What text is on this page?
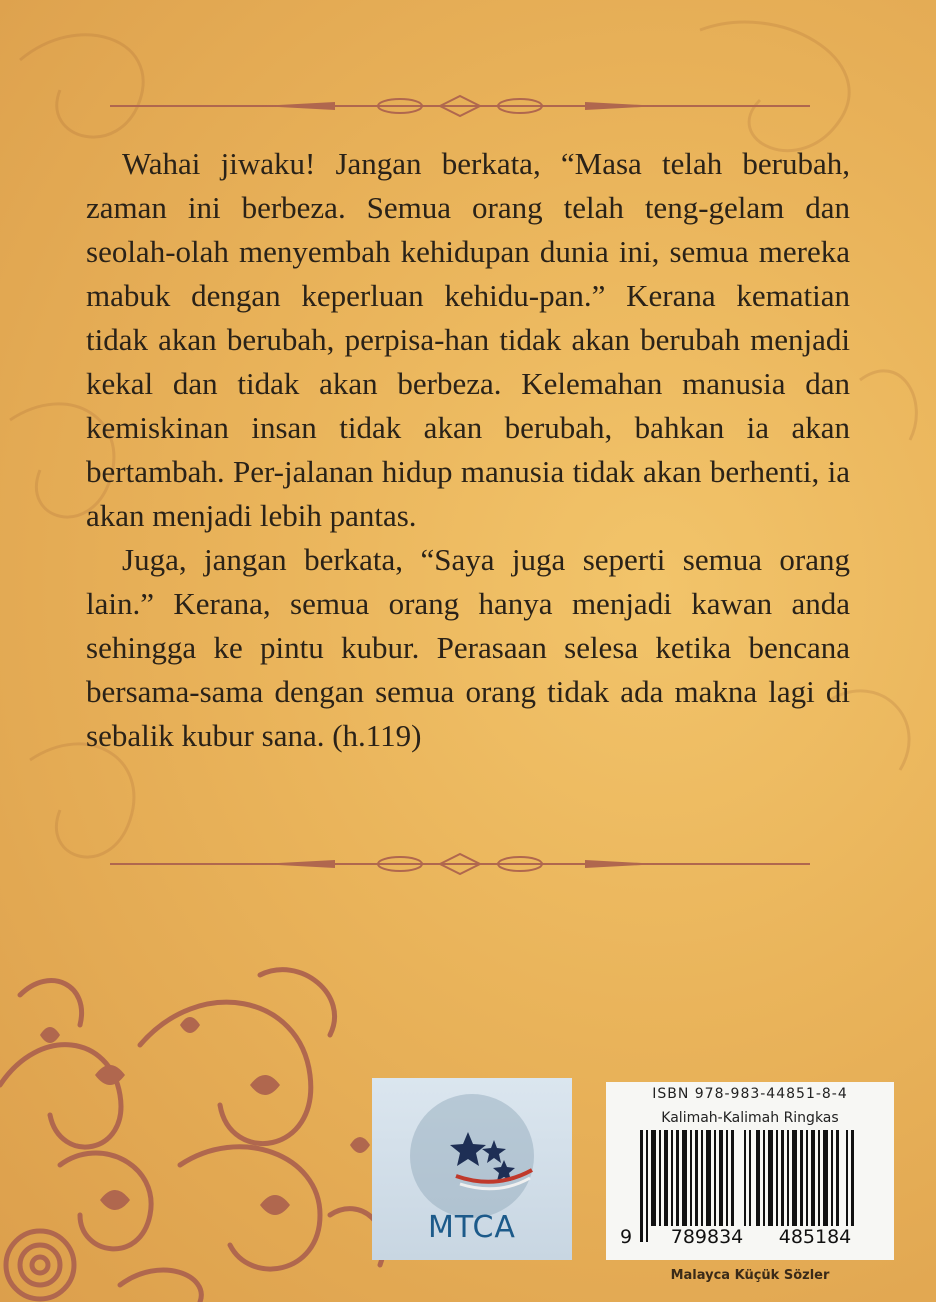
Wahai jiwaku! Jangan berkata, “Masa telah berubah, zaman ini berbeza. Semua orang telah teng-gelam dan seolah-olah menyembah kehidupan dunia ini, semua mereka mabuk dengan keperluan kehidu-pan.” Kerana kematian tidak akan berubah, perpisa-han tidak akan berubah menjadi kekal dan tidak akan berbeza. Kelemahan manusia dan kemiskinan insan tidak akan berubah, bahkan ia akan bertambah. Per-jalanan hidup manusia tidak akan berhenti, ia akan menjadi lebih pantas.

Juga, jangan berkata, “Saya juga seperti semua orang lain.” Kerana, semua orang hanya menjadi kawan anda sehingga ke pintu kubur. Perasaan selesa ketika bencana bersama-sama dengan semua orang tidak ada makna lagi di sebalik kubur sana. (h.119)

MTCA
ISBN 978-983-44851-8-4
Kalimah-Kalimah Ringkas
9	789834	485184
Malayca Küçük Sözler
